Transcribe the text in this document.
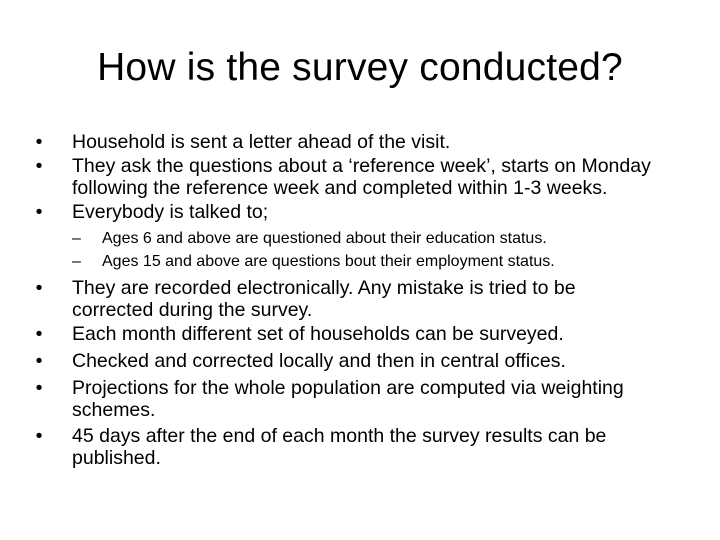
How is the survey conducted?
•	Household is sent a letter ahead of the visit.
•	They ask the questions about a ‘reference week’, starts on Monday
following the reference week and completed within 1-3 weeks.
•	Everybody is talked to;
– Ages 6 and above are questioned about their education status.
– Ages 15 and above are questions bout their employment status.
•	They are recorded electronically. Any mistake is tried to be
corrected during the survey.
•	Each month different set of households can be surveyed.
•	Checked and corrected locally and then in central offices.
•	Projections for the whole population are computed via weighting
schemes.
•	45 days after the end of each month the survey results can be
published.
